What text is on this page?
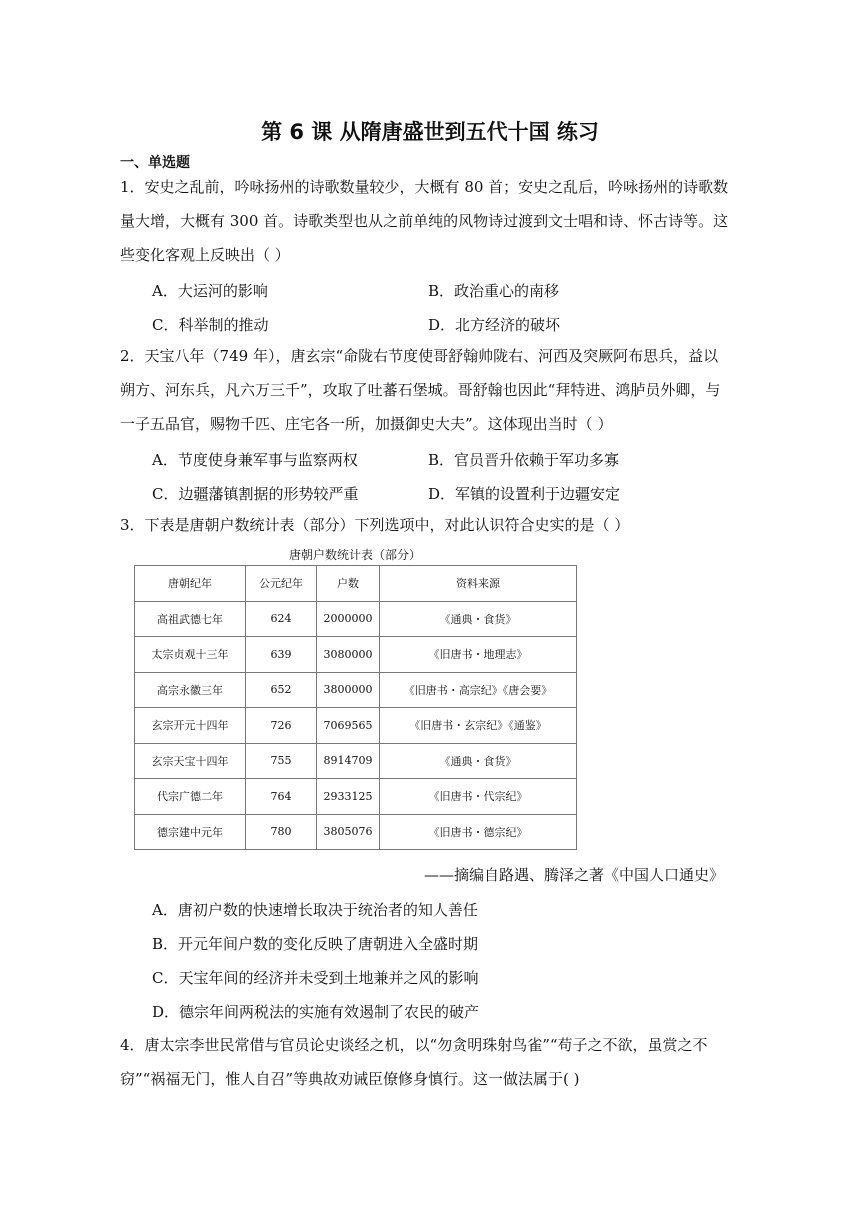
第 6 课 从隋唐盛世到五代十国 练习
一、单选题
1．安史之乱前，吟咏扬州的诗歌数量较少，大概有 80 首；安史之乱后，吟咏扬州的诗歌数
量大增，大概有 300 首。诗歌类型也从之前单纯的风物诗过渡到文士唱和诗、怀古诗等。这
些变化客观上反映出（ ）
A．大运河的影响	B．政治重心的南移
C．科举制的推动	D．北方经济的破坏
2．天宝八年（749 年），唐玄宗“命陇右节度使哥舒翰帅陇右、河西及突厥阿布思兵，益以
朔方、河东兵，凡六万三千”，攻取了吐蕃石堡城。哥舒翰也因此“拜特进、鸿胪员外卿，与
一子五品官，赐物千匹、庄宅各一所，加摄御史大夫”。这体现出当时（ ）
A．节度使身兼军事与监察两权	B．官员晋升依赖于军功多寡
C．边疆藩镇割据的形势较严重	D．军镇的设置利于边疆安定
3．下表是唐朝户数统计表（部分）下列选项中，对此认识符合史实的是（ ）
唐朝户数统计表（部分）
唐朝纪年	公元纪年	户数	资料来源
高祖武德七年	624	2000000	《通典・食货》
太宗贞观十三年	639	3080000	《旧唐书・地理志》
高宗永徽三年	652	3800000	《旧唐书・高宗纪》《唐会要》
玄宗开元十四年	726	7069565	《旧唐书・玄宗纪》《通鉴》
玄宗天宝十四年	755	8914709	《通典・食货》
代宗广德二年	764	2933125	《旧唐书・代宗纪》
德宗建中元年	780	3805076	《旧唐书・德宗纪》
——摘编自路遇、腾泽之著《中国人口通史》
A．唐初户数的快速增长取决于统治者的知人善任
B．开元年间户数的变化反映了唐朝进入全盛时期
C．天宝年间的经济并未受到土地兼并之风的影响
D．德宗年间两税法的实施有效遏制了农民的破产
4．唐太宗李世民常借与官员论史谈经之机，以“勿贪明珠射鸟雀”“苟子之不欲，虽赏之不
窃”“祸福无门，惟人自召”等典故劝诫臣僚修身慎行。这一做法属于( )
